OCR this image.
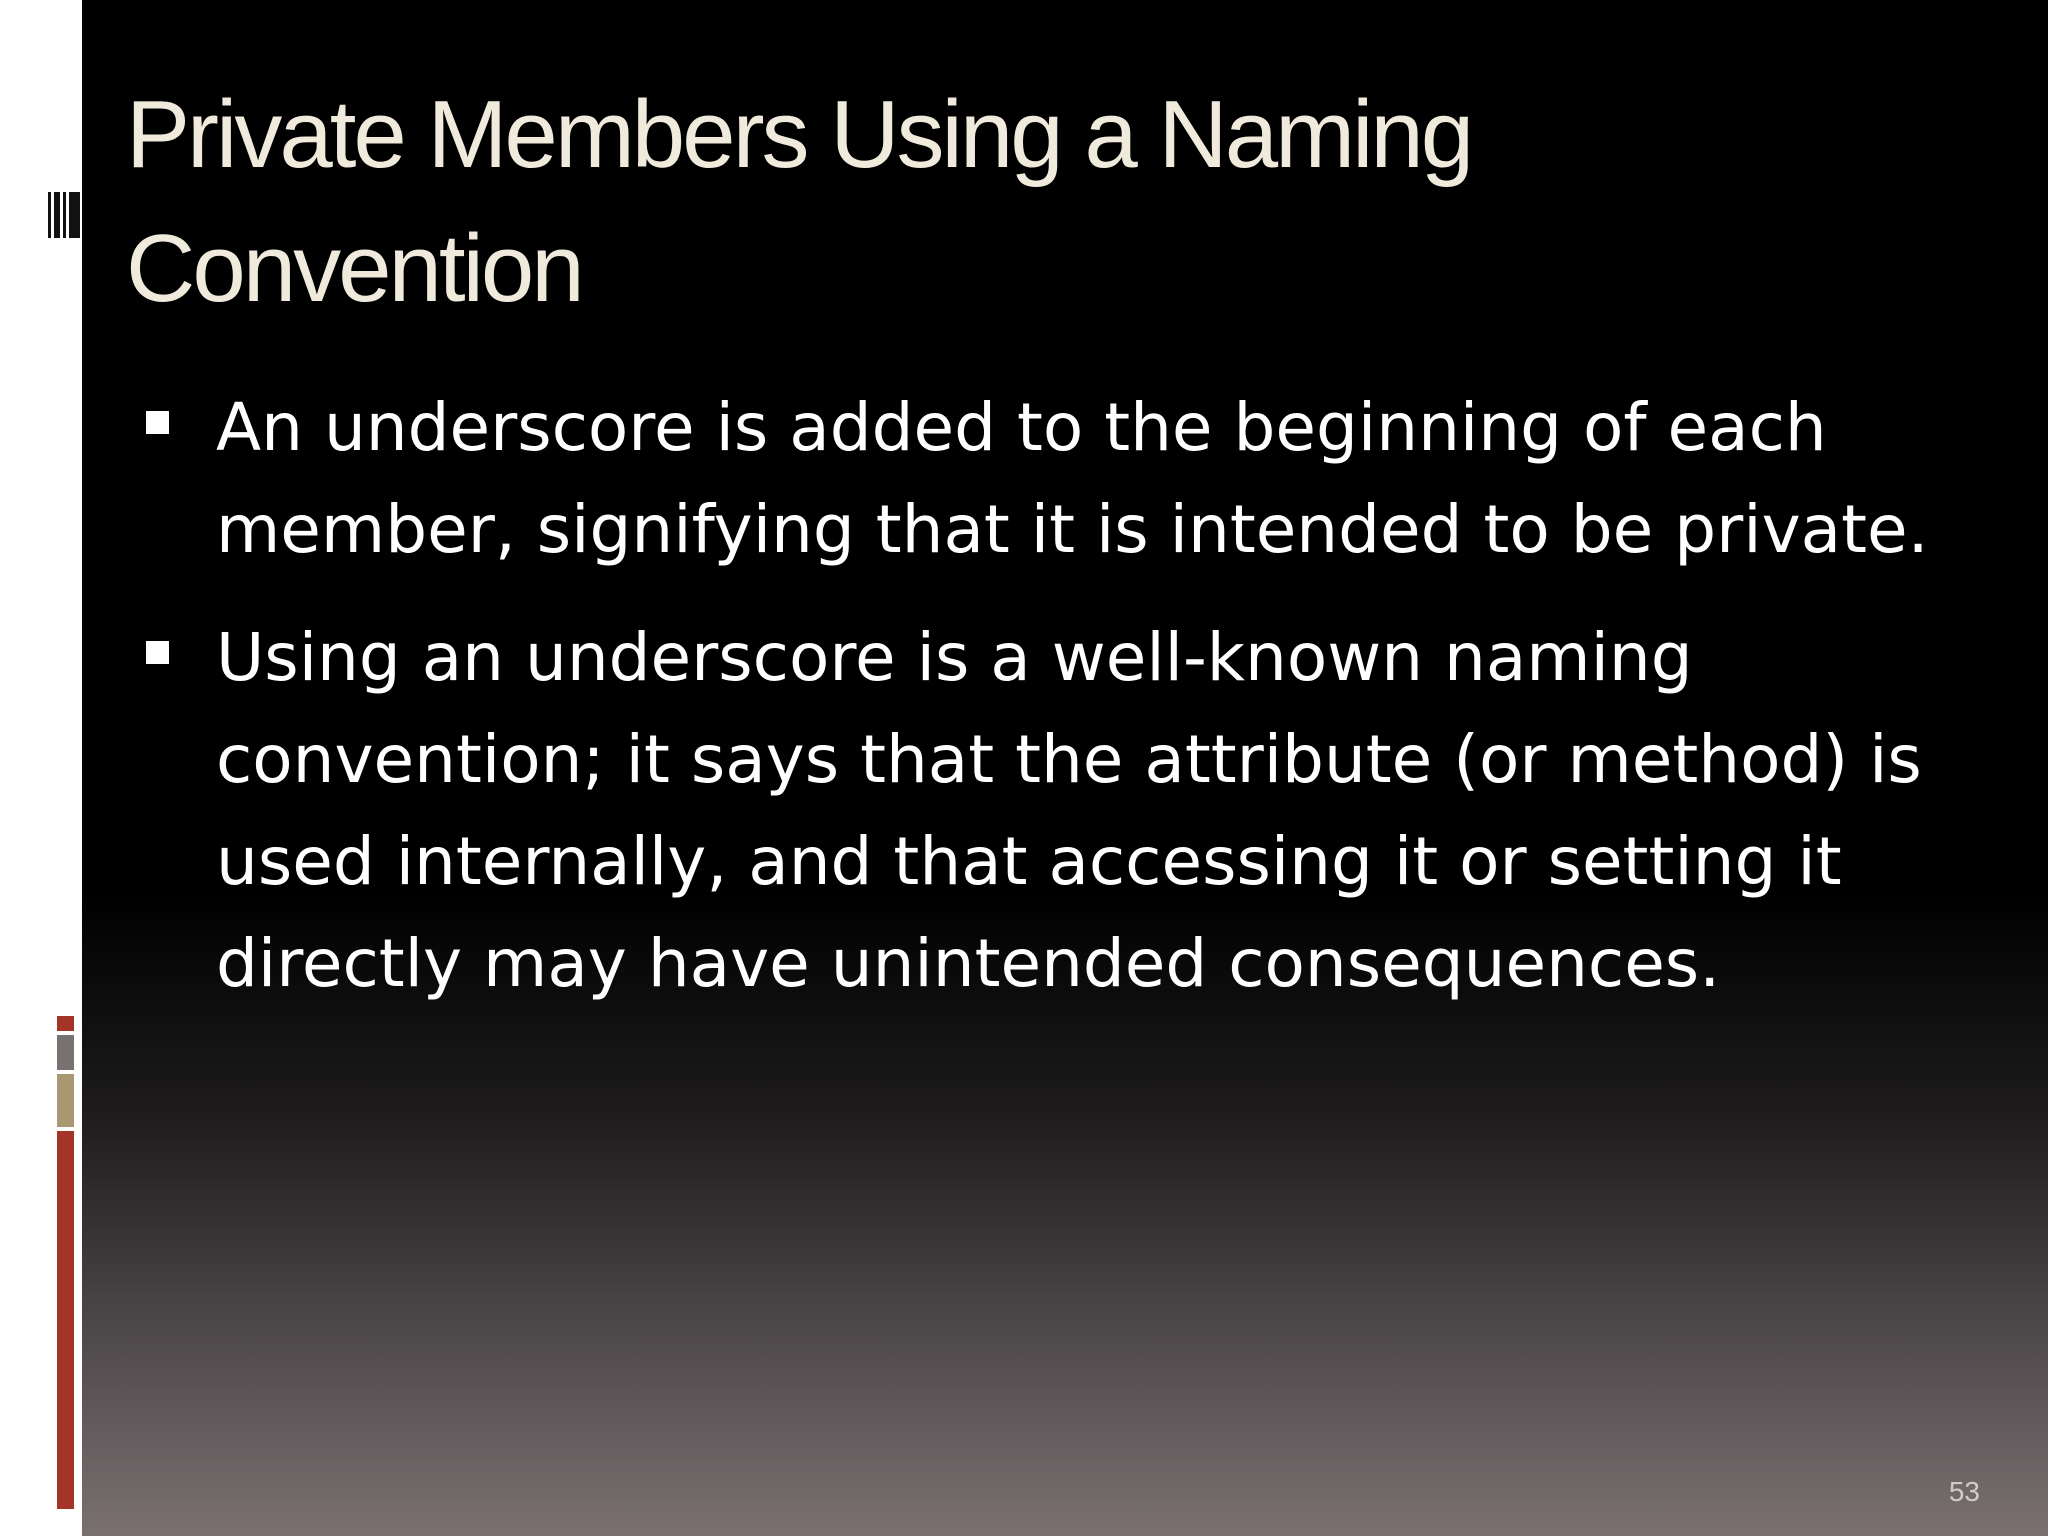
Private Members Using a Naming Convention
An underscore is added to the beginning of each member, signifying that it is intended to be private.
Using an underscore is a well-known naming convention; it says that the attribute (or method) is used internally, and that accessing it or setting it directly may have unintended consequences.
53
